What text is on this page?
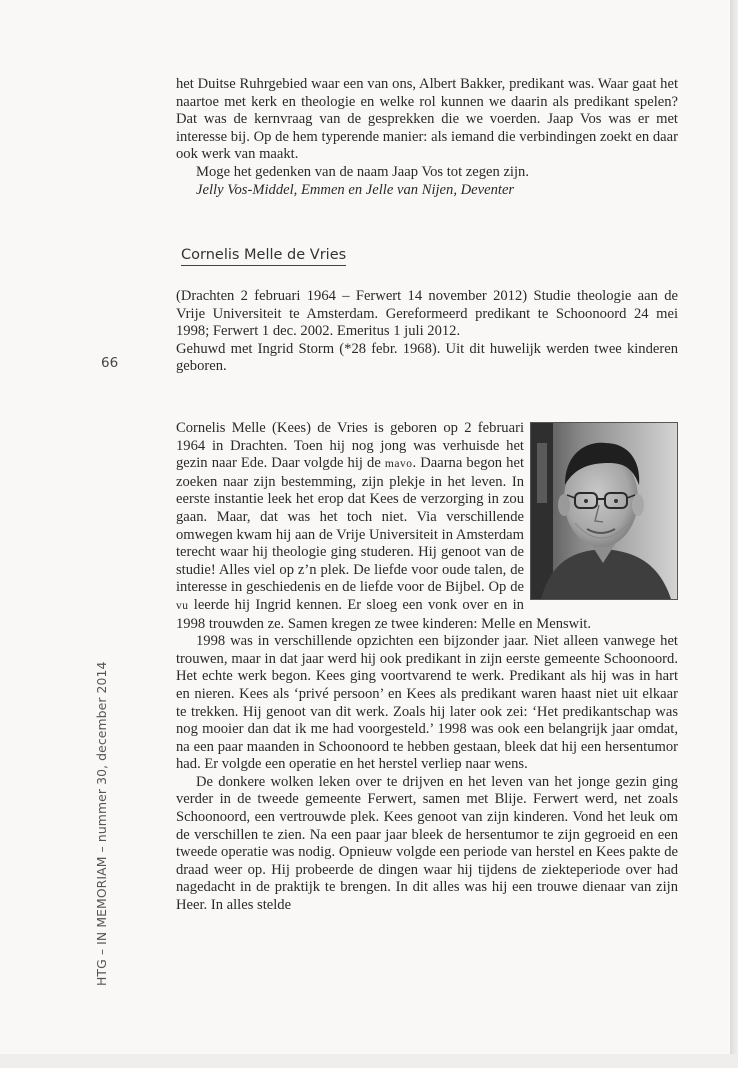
het Duitse Ruhrgebied waar een van ons, Albert Bakker, predikant was. Waar gaat het naartoe met kerk en theologie en welke rol kunnen we daarin als predikant spelen? Dat was de kernvraag van de gesprekken die we voerden. Jaap Vos was er met interesse bij. Op de hem typerende manier: als iemand die verbindingen zoekt en daar ook werk van maakt.

Moge het gedenken van de naam Jaap Vos tot zegen zijn.

Jelly Vos-Middel, Emmen en Jelle van Nijen, Deventer

Cornelis Melle de Vries
66
HTG – IN MEMORIAM – nummer 30, december 2014

(Drachten 2 februari 1964 – Ferwert 14 november 2012) Studie theologie aan de Vrije Universiteit te Amsterdam. Gereformeerd predikant te Schoonoord 24 mei 1998; Ferwert 1 dec. 2002. Emeritus 1 juli 2012.

Gehuwd met Ingrid Storm (*28 febr. 1968). Uit dit huwelijk werden twee kinderen geboren.

Cornelis Melle (Kees) de Vries is geboren op 2 februari 1964 in Drachten. Toen hij nog jong was verhuisde het gezin naar Ede. Daar volgde hij de mavo. Daarna begon het zoeken naar zijn bestemming, zijn plekje in het leven. In eerste instantie leek het erop dat Kees de verzorging in zou gaan. Maar, dat was het toch niet. Via verschillende omwegen kwam hij aan de Vrije Universiteit in Amsterdam terecht waar hij theologie ging studeren. Hij genoot van de studie! Alles viel op z’n plek. De liefde voor oude talen, de interesse in geschiedenis en de liefde voor de Bijbel. Op de vu leerde hij Ingrid kennen. Er sloeg een vonk over en in 1998 trouwden ze. Samen kregen ze twee kinderen: Melle en Menswit.

1998 was in verschillende opzichten een bijzonder jaar. Niet alleen vanwege het trouwen, maar in dat jaar werd hij ook predikant in zijn eerste gemeente Schoonoord. Het echte werk begon. Kees ging voortvarend te werk. Predikant als hij was in hart en nieren. Kees als ‘privé persoon’ en Kees als predikant waren haast niet uit elkaar te trekken. Hij genoot van dit werk. Zoals hij later ook zei: ‘Het predikantschap was nog mooier dan dat ik me had voorgesteld.’ 1998 was ook een belangrijk jaar omdat, na een paar maanden in Schoonoord te hebben gestaan, bleek dat hij een hersentumor had. Er volgde een operatie en het herstel verliep naar wens.

De donkere wolken leken over te drijven en het leven van het jonge gezin ging verder in de tweede gemeente Ferwert, samen met Blije. Ferwert werd, net zoals Schoonoord, een vertrouwde plek. Kees genoot van zijn kinderen. Vond het leuk om de verschillen te zien. Na een paar jaar bleek de hersentumor te zijn gegroeid en een tweede operatie was nodig. Opnieuw volgde een periode van herstel en Kees pakte de draad weer op. Hij probeerde de dingen waar hij tijdens de ziekteperiode over had nagedacht in de praktijk te brengen. In dit alles was hij een trouwe dienaar van zijn Heer. In alles stelde
